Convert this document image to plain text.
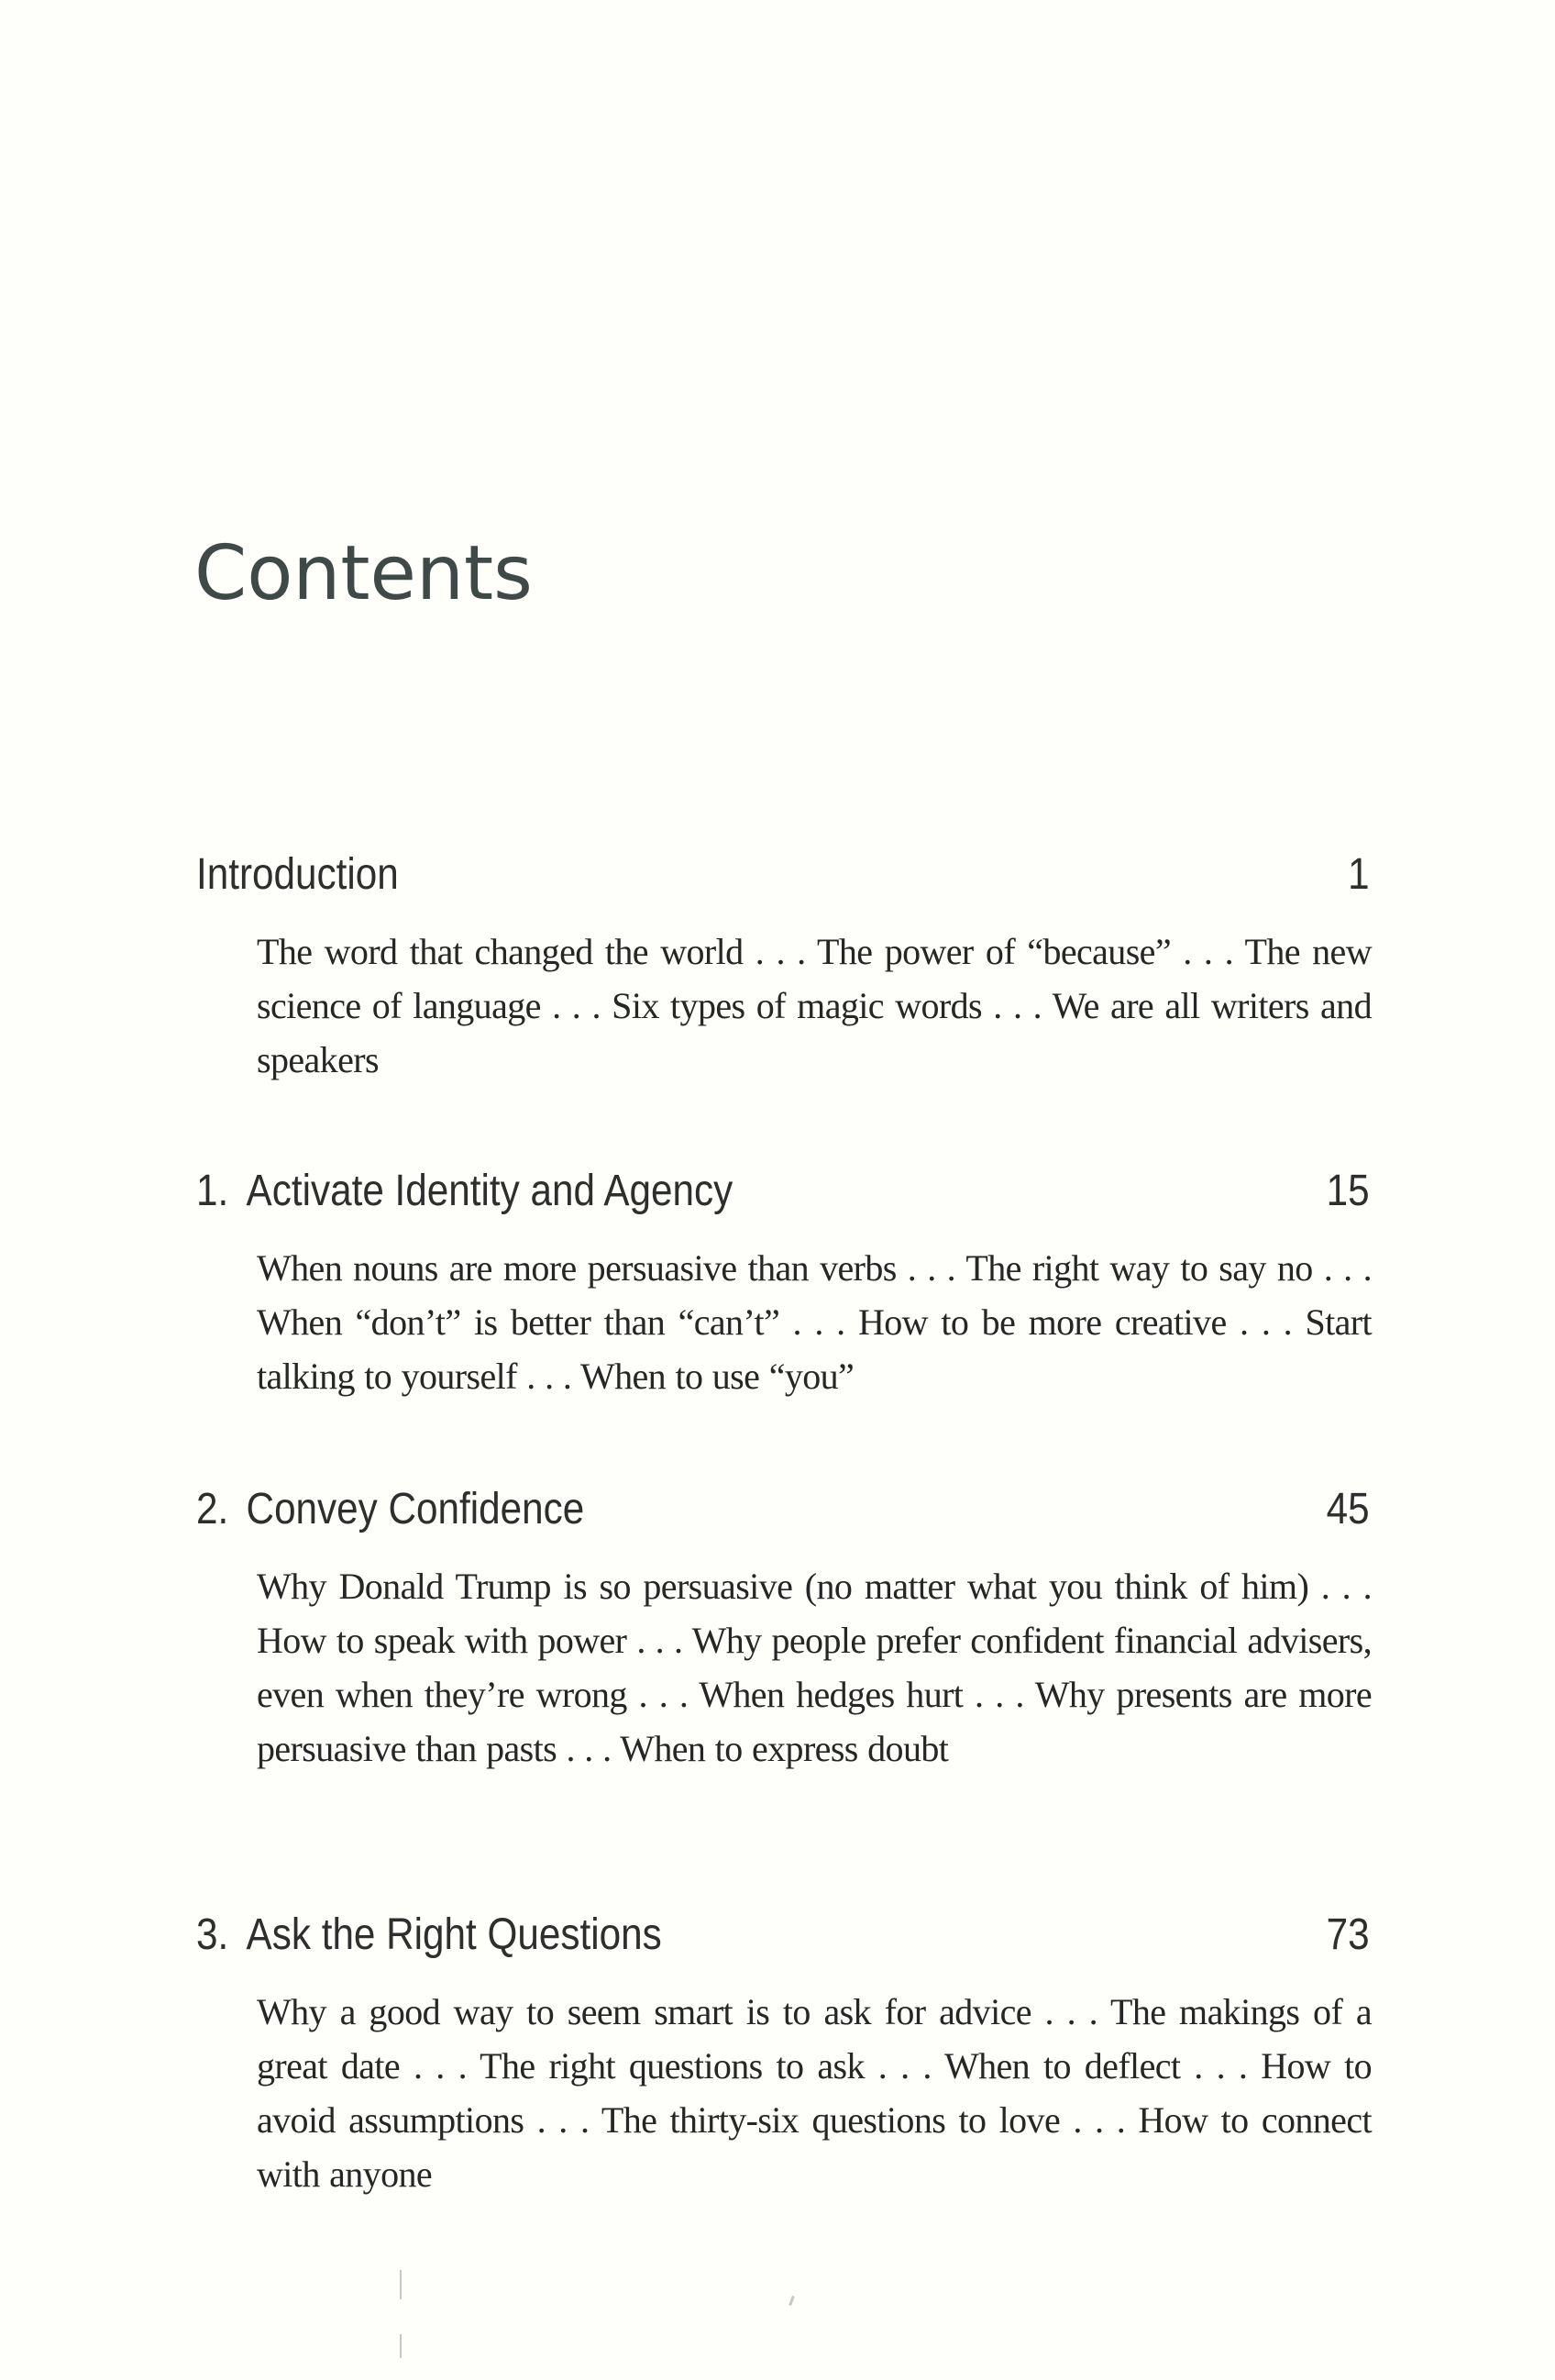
Contents
Introduction	1

The word that changed the world . . . The power of “because” . . . The new science of language . . . Six types of magic words . . . We are all writers and speakers

1. Activate Identity and Agency	15

When nouns are more persuasive than verbs . . . The right way to say no . . . When “don’t” is better than “can’t” . . . How to be more creative . . . Start talking to yourself . . . When to use “you”

2. Convey Confidence	45

Why Donald Trump is so persuasive (no matter what you think of him) . . . How to speak with power . . . Why people prefer confident financial advisers, even when they’re wrong . . . When hedges hurt . . . Why presents are more persuasive than pasts . . . When to express doubt

3. Ask the Right Questions	73

Why a good way to seem smart is to ask for advice . . . The makings of a great date . . . The right questions to ask . . . When to deflect . . . How to avoid assumptions . . . The thirty-six questions to love . . . How to connect with anyone
